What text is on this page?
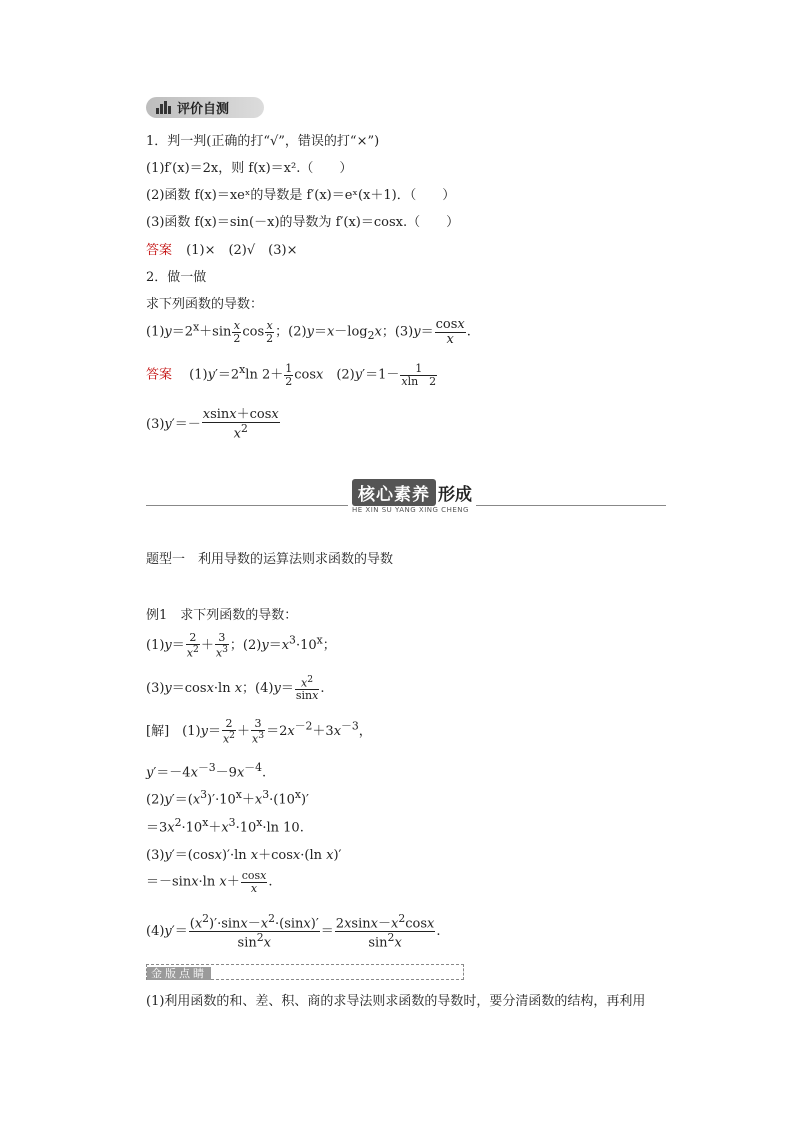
评价自测
1．判一判(正确的打“√”，错误的打“×”)
(1)f′(x)＝2x，则 f(x)＝x².（　　）
(2)函数 f(x)＝xeˣ的导数是 f′(x)＝eˣ(x＋1)．（　　）
(3)函数 f(x)＝sin(－x)的导数为 f′(x)＝cosx.（　　）
答案 (1)×　(2)√　(3)×
2．做一做
求下列函数的导数：
$(1)y=2^x+\sin \frac{x}{2}$ $\cos \frac{x}{2}$ ；$(2)y=x-\log_2x$；$(3)y= \frac{\cos x}{x}$ .
答案 　$(1)y'=2^x\ln$ $2+ \frac{1}{2}$ cosx　$(2)y'=1- \frac{1}{xln 2}$
$(3)y'=- \frac{xsinx+\cos x}{x^2}$
核心素养 形成
HE XIN SU YANG XING CHENG
题型一　利用导数的运算法则求函数的导数
例1　求下列函数的导数：
$(1)y= \frac{2}{x^2} + \frac{3}{x^3}$ ；$(2)y=x^3\cdot 10^x$；
(3)y＝cosx·ln x；$(4)y= \frac{x^2}{\sin x}$ .
[解]　$(1)y= \frac{2}{x^2} + \frac{3}{x^3} =2x^{-2}+3x^{-3}$，
$y'=-4x^{-3}-9x^{-4}$.
$(2)y'=(x^3)'\cdot 10^x+x^3\cdot(10^x)'$
$=3x^2\cdot 10^x+x^3\cdot 10^x\cdot\ln$ 10.
(3)y′＝(cosx)′·ln x＋cosx·(ln x)′
＝－sinx·ln $x+ \frac{\cos x}{x}$ .
$(4)y'= \frac{(x^2)'\cdot\sin x-x^2\cdot(\sin x)'}{\sin^2x} = \frac{2xsinx-x^2\cos x}{\sin^2x}$ .
金版点睛
(1)利用函数的和、差、积、商的求导法则求函数的导数时，要分清函数的结构，再利用
